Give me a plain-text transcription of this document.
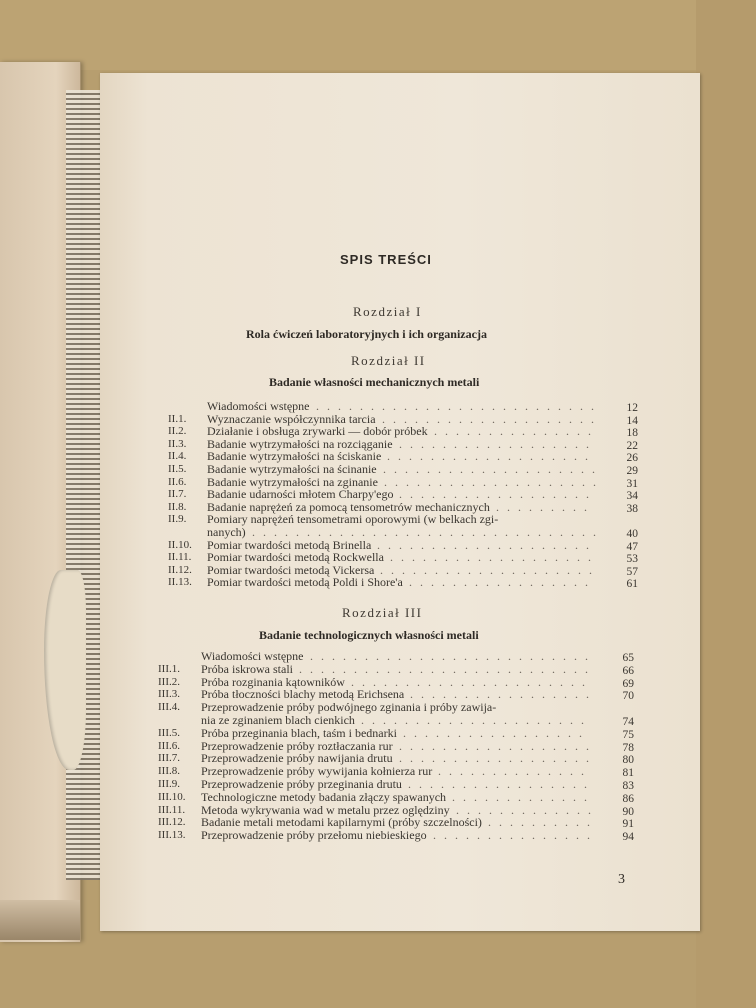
SPIS TREŚCI
Rozdział I
Rola ćwiczeń laboratoryjnych i ich organizacja
Rozdział II
Badanie własności mechanicznych metali
Wiadomości wstępne	12
..........................
II.1. Wyznaczanie współczynnika tarcia	14
....................
II.2. Działanie i obsługa zrywarki — dobór próbek	18
...............
II.3. Badanie wytrzymałości na rozciąganie	22
..................
II.4. Badanie wytrzymałości na ściskanie	26
...................
II.5. Badanie wytrzymałości na ścinanie	29
....................
II.6. Badanie wytrzymałości na zginanie	31
....................
II.7. Badanie udarności młotem Charpy'ego	34
..................
II.8. Badanie naprężeń za pomocą tensometrów mechanicznych	38
.........
II.9. Pomiary naprężeń tensometrami oporowymi (w belkach zgi-
nanych)	40
................................
II.10. Pomiar twardości metodą Brinella	47
....................
II.11. Pomiar twardości metodą Rockwella	53
...................
II.12. Pomiar twardości metodą Vickersa	57
....................
II.13. Pomiar twardości metodą Poldi i Shore'a	61
.................
Rozdział III
Badanie technologicznych własności metali
Wiadomości wstępne	65
..........................
III.1. Próba iskrowa stali	66
...........................
III.2. Próba rozginania kątowników	69
......................
III.3. Próba tłoczności blachy metodą Erichsena	70
.................
III.4. Przeprowadzenie próby podwójnego zginania i próby zawija-
nia ze zginaniem blach cienkich	74
.....................
III.5. Próba przeginania blach, taśm i bednarki	75
.................
III.6. Przeprowadzenie próby roztłaczania rur	78
..................
III.7. Przeprowadzenie próby nawijania drutu	80
..................
III.8. Przeprowadzenie próby wywijania kołnierza rur	81
..............
III.9. Przeprowadzenie próby przeginania drutu	83
.................
III.10. Technologiczne metody badania złączy spawanych	86
.............
III.11. Metoda wykrywania wad w metalu przez oględziny	90
.............
III.12. Badanie metali metodami kapilarnymi (próby szczelności)	91
..........
III.13. Przeprowadzenie próby przełomu niebieskiego	94
...............
3
